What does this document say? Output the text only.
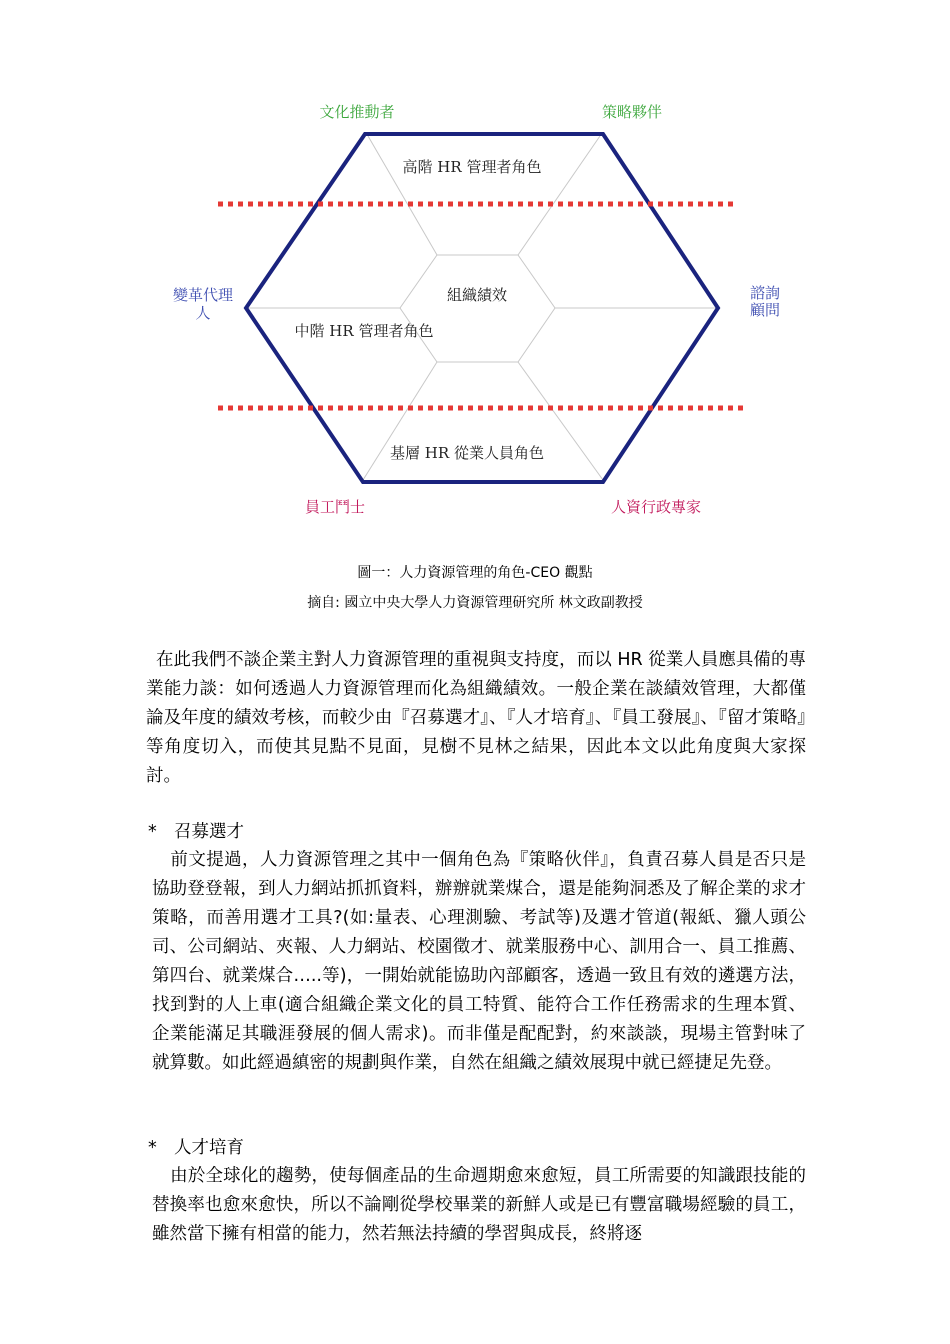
文化推動者	策略夥伴
變革代理
人
諮詢
顧問
員工鬥士	人資行政專家
高階 HR 管理者角色
組織績效
中階 HR 管理者角色
基層 HR 從業人員角色
圖一：人力資源管理的角色-CEO 觀點
摘自: 國立中央大學人力資源管理研究所 林文政副教授

在此我們不談企業主對人力資源管理的重視與支持度，而以 HR 從業人員應具備的專業能力談：如何透過人力資源管理而化為組織績效。一般企業在談績效管理，大都僅論及年度的績效考核，而較少由『召募選才』、『人才培育』、『員工發展』、『留才策略』等角度切入，而使其見點不見面，見樹不見林之結果，因此本文以此角度與大家探討。

* 召募選才

前文提過，人力資源管理之其中一個角色為『策略伙伴』，負責召募人員是否只是協助登登報，到人力網站抓抓資料，辦辦就業煤合，還是能夠洞悉及了解企業的求才策略，而善用選才工具?(如:量表、心理測驗、考試等)及選才管道(報紙、獵人頭公司、公司網站、夾報、人力網站、校園徵才、就業服務中心、訓用合一、員工推薦、第四台、就業煤合…..等)，一開始就能協助內部顧客，透過一致且有效的遴選方法，找到對的人上車(適合組織企業文化的員工特質、能符合工作任務需求的生理本質、企業能滿足其職涯發展的個人需求)。而非僅是配配對，約來談談，現場主管對味了就算數。如此經過縝密的規劃與作業，自然在組織之績效展現中就已經捷足先登。

* 人才培育

由於全球化的趨勢，使每個產品的生命週期愈來愈短，員工所需要的知識跟技能的替換率也愈來愈快，所以不論剛從學校畢業的新鮮人或是已有豐富職場經驗的員工，雖然當下擁有相當的能力，然若無法持續的學習與成長，終將逐
